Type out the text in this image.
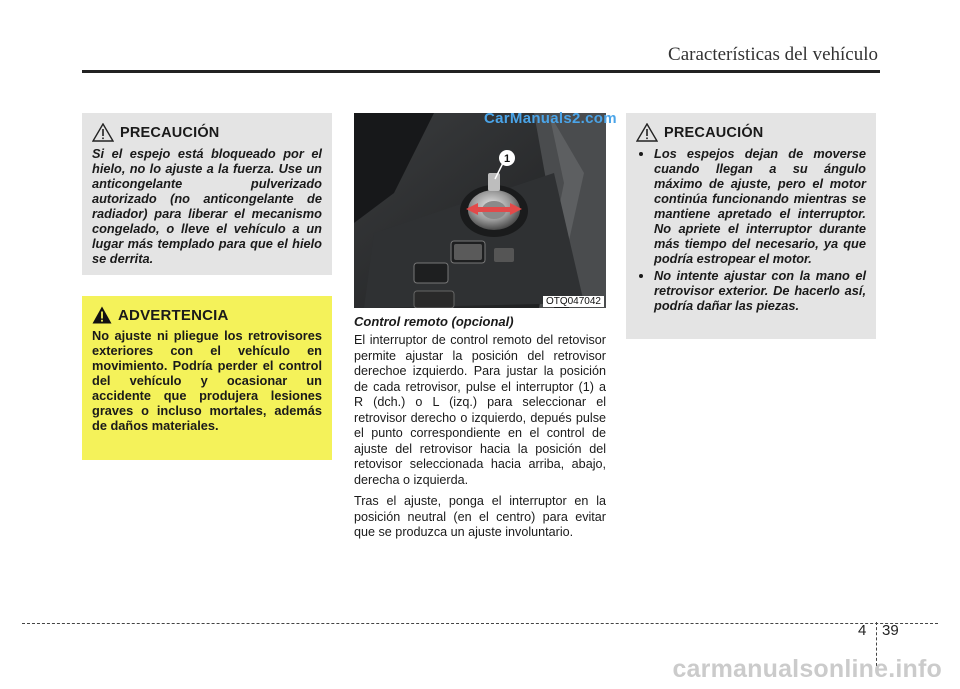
Características del vehículo
PRECAUCIÓN

Si el espejo está bloqueado por el hielo, no lo ajuste a la fuerza. Use un anticongelante pulverizado autorizado (no anticongelante de radiador) para liberar el mecanismo congelado, o lleve el vehículo a un lugar más templado para que el hielo se derrita.

ADVERTENCIA

No ajuste ni pliegue los retrovisores exteriores con el vehículo en movimiento. Podría perder el control del vehículo y ocasionar un accidente que produjera lesiones graves o incluso mortales, además de daños materiales.

1
OTQ047042
CarManuals2.com
Control remoto (opcional)

El interruptor de control remoto del retovisor permite ajustar la posición del retrovisor derechoe izquierdo. Para justar la posición de cada retrovisor, pulse el interruptor (1) a R (dch.) o L (izq.) para seleccionar el retrovisor derecho o izquierdo, depués pulse el punto correspondiente en el control de ajuste del retrovisor hacia la posición del retovisor seleccionada hacia arriba, abajo, derecha o izquierda.

Tras el ajuste, ponga el interruptor en la posición neutral (en el centro) para evitar que se produzca un ajuste involuntario.

PRECAUCIÓN
• Los espejos dejan de moverse cuando llegan a su ángulo máximo de ajuste, pero el motor continúa funcionando mientras se mantiene apretado el interruptor. No apriete el interruptor durante más tiempo del necesario, ya que podría estropear el motor.
• No intente ajustar con la mano el retrovisor exterior. De hacerlo así, podría dañar las piezas.
4 39
carmanualsonline.info
